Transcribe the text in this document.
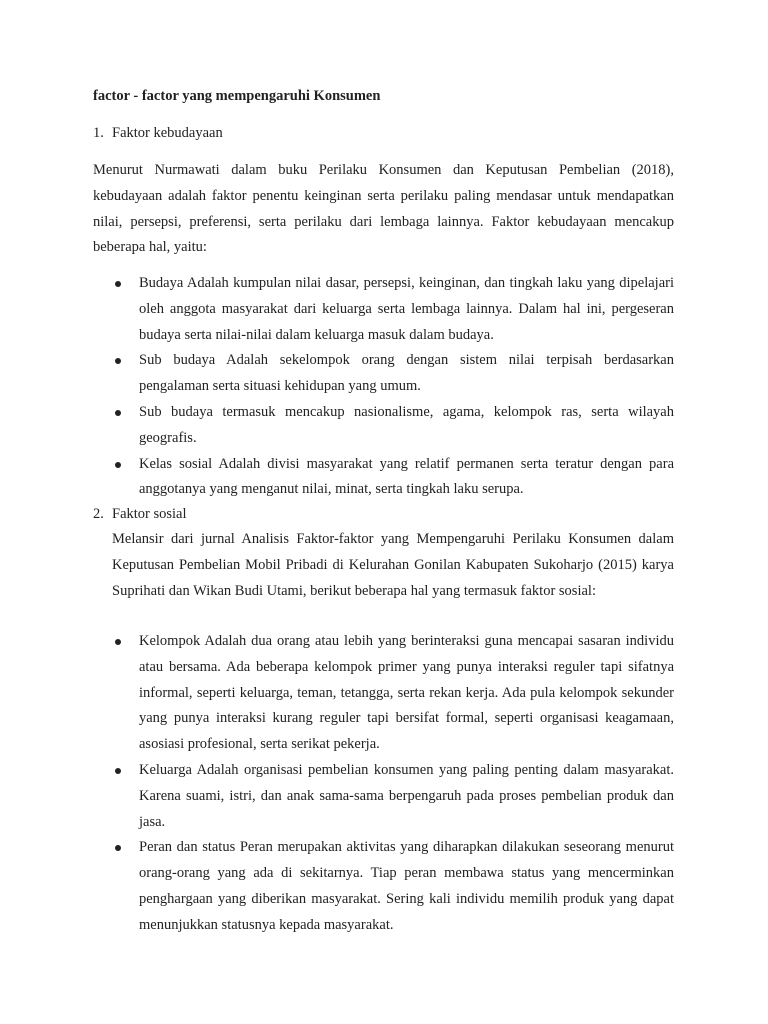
factor - factor yang mempengaruhi Konsumen
1. Faktor kebudayaan

Menurut Nurmawati dalam buku Perilaku Konsumen dan Keputusan Pembelian (2018), kebudayaan adalah faktor penentu keinginan serta perilaku paling mendasar untuk mendapatkan nilai, persepsi, preferensi, serta perilaku dari lembaga lainnya. Faktor kebudayaan mencakup beberapa hal, yaitu:

Budaya Adalah kumpulan nilai dasar, persepsi, keinginan, dan tingkah laku yang dipelajari oleh anggota masyarakat dari keluarga serta lembaga lainnya. Dalam hal ini, pergeseran budaya serta nilai-nilai dalam keluarga masuk dalam budaya.
Sub budaya Adalah sekelompok orang dengan sistem nilai terpisah berdasarkan pengalaman serta situasi kehidupan yang umum.
Sub budaya termasuk mencakup nasionalisme, agama, kelompok ras, serta wilayah geografis.
Kelas sosial Adalah divisi masyarakat yang relatif permanen serta teratur dengan para anggotanya yang menganut nilai, minat, serta tingkah laku serupa.
2. Faktor sosial

Melansir dari jurnal Analisis Faktor-faktor yang Mempengaruhi Perilaku Konsumen dalam Keputusan Pembelian Mobil Pribadi di Kelurahan Gonilan Kabupaten Sukoharjo (2015) karya Suprihati dan Wikan Budi Utami, berikut beberapa hal yang termasuk faktor sosial:

Kelompok Adalah dua orang atau lebih yang berinteraksi guna mencapai sasaran individu atau bersama. Ada beberapa kelompok primer yang punya interaksi reguler tapi sifatnya informal, seperti keluarga, teman, tetangga, serta rekan kerja. Ada pula kelompok sekunder yang punya interaksi kurang reguler tapi bersifat formal, seperti organisasi keagamaan, asosiasi profesional, serta serikat pekerja.
Keluarga Adalah organisasi pembelian konsumen yang paling penting dalam masyarakat. Karena suami, istri, dan anak sama-sama berpengaruh pada proses pembelian produk dan jasa.
Peran dan status Peran merupakan aktivitas yang diharapkan dilakukan seseorang menurut orang-orang yang ada di sekitarnya. Tiap peran membawa status yang mencerminkan penghargaan yang diberikan masyarakat. Sering kali individu memilih produk yang dapat menunjukkan statusnya kepada masyarakat.
